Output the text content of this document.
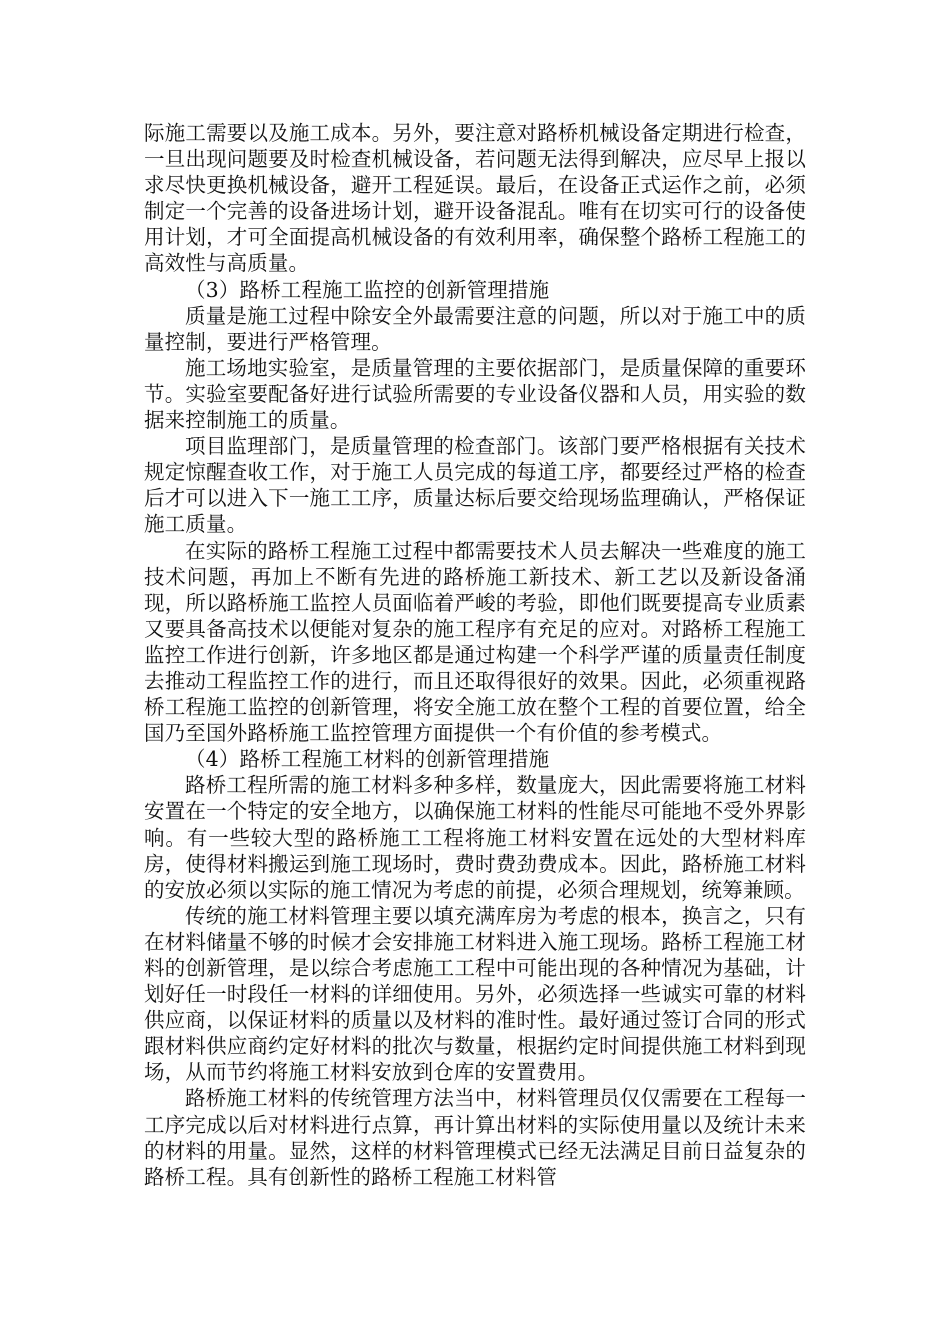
际施工需要以及施工成本。另外，要注意对路桥机械设备定期进行检查，一旦出现问题要及时检查机械设备，若问题无法得到解决，应尽早上报以求尽快更换机械设备，避开工程延误。最后，在设备正式运作之前，必须制定一个完善的设备进场计划，避开设备混乱。唯有在切实可行的设备使用计划，才可全面提高机械设备的有效利用率，确保整个路桥工程施工的高效性与高质量。

（3）路桥工程施工监控的创新管理措施

质量是施工过程中除安全外最需要注意的问题，所以对于施工中的质量控制，要进行严格管理。

施工场地实验室，是质量管理的主要依据部门，是质量保障的重要环节。实验室要配备好进行试验所需要的专业设备仪器和人员，用实验的数据来控制施工的质量。

项目监理部门，是质量管理的检查部门。该部门要严格根据有关技术规定惊醒查收工作，对于施工人员完成的每道工序，都要经过严格的检查后才可以进入下一施工工序，质量达标后要交给现场监理确认，严格保证施工质量。

在实际的路桥工程施工过程中都需要技术人员去解决一些难度的施工技术问题，再加上不断有先进的路桥施工新技术、新工艺以及新设备涌现，所以路桥施工监控人员面临着严峻的考验，即他们既要提高专业质素又要具备高技术以便能对复杂的施工程序有充足的应对。对路桥工程施工监控工作进行创新，许多地区都是通过构建一个科学严谨的质量责任制度去推动工程监控工作的进行，而且还取得很好的效果。因此，必须重视路桥工程施工监控的创新管理，将安全施工放在整个工程的首要位置，给全国乃至国外路桥施工监控管理方面提供一个有价值的参考模式。

（4）路桥工程施工材料的创新管理措施

路桥工程所需的施工材料多种多样，数量庞大，因此需要将施工材料安置在一个特定的安全地方，以确保施工材料的性能尽可能地不受外界影响。有一些较大型的路桥施工工程将施工材料安置在远处的大型材料库房，使得材料搬运到施工现场时，费时费劲费成本。因此，路桥施工材料的安放必须以实际的施工情况为考虑的前提，必须合理规划，统筹兼顾。

传统的施工材料管理主要以填充满库房为考虑的根本，换言之，只有在材料储量不够的时候才会安排施工材料进入施工现场。路桥工程施工材料的创新管理，是以综合考虑施工工程中可能出现的各种情况为基础，计划好任一时段任一材料的详细使用。另外，必须选择一些诚实可靠的材料供应商，以保证材料的质量以及材料的准时性。最好通过签订合同的形式跟材料供应商约定好材料的批次与数量，根据约定时间提供施工材料到现场，从而节约将施工材料安放到仓库的安置费用。

路桥施工材料的传统管理方法当中，材料管理员仅仅需要在工程每一工序完成以后对材料进行点算，再计算出材料的实际使用量以及统计未来的材料的用量。显然，这样的材料管理模式已经无法满足目前日益复杂的路桥工程。具有创新性的路桥工程施工材料管
